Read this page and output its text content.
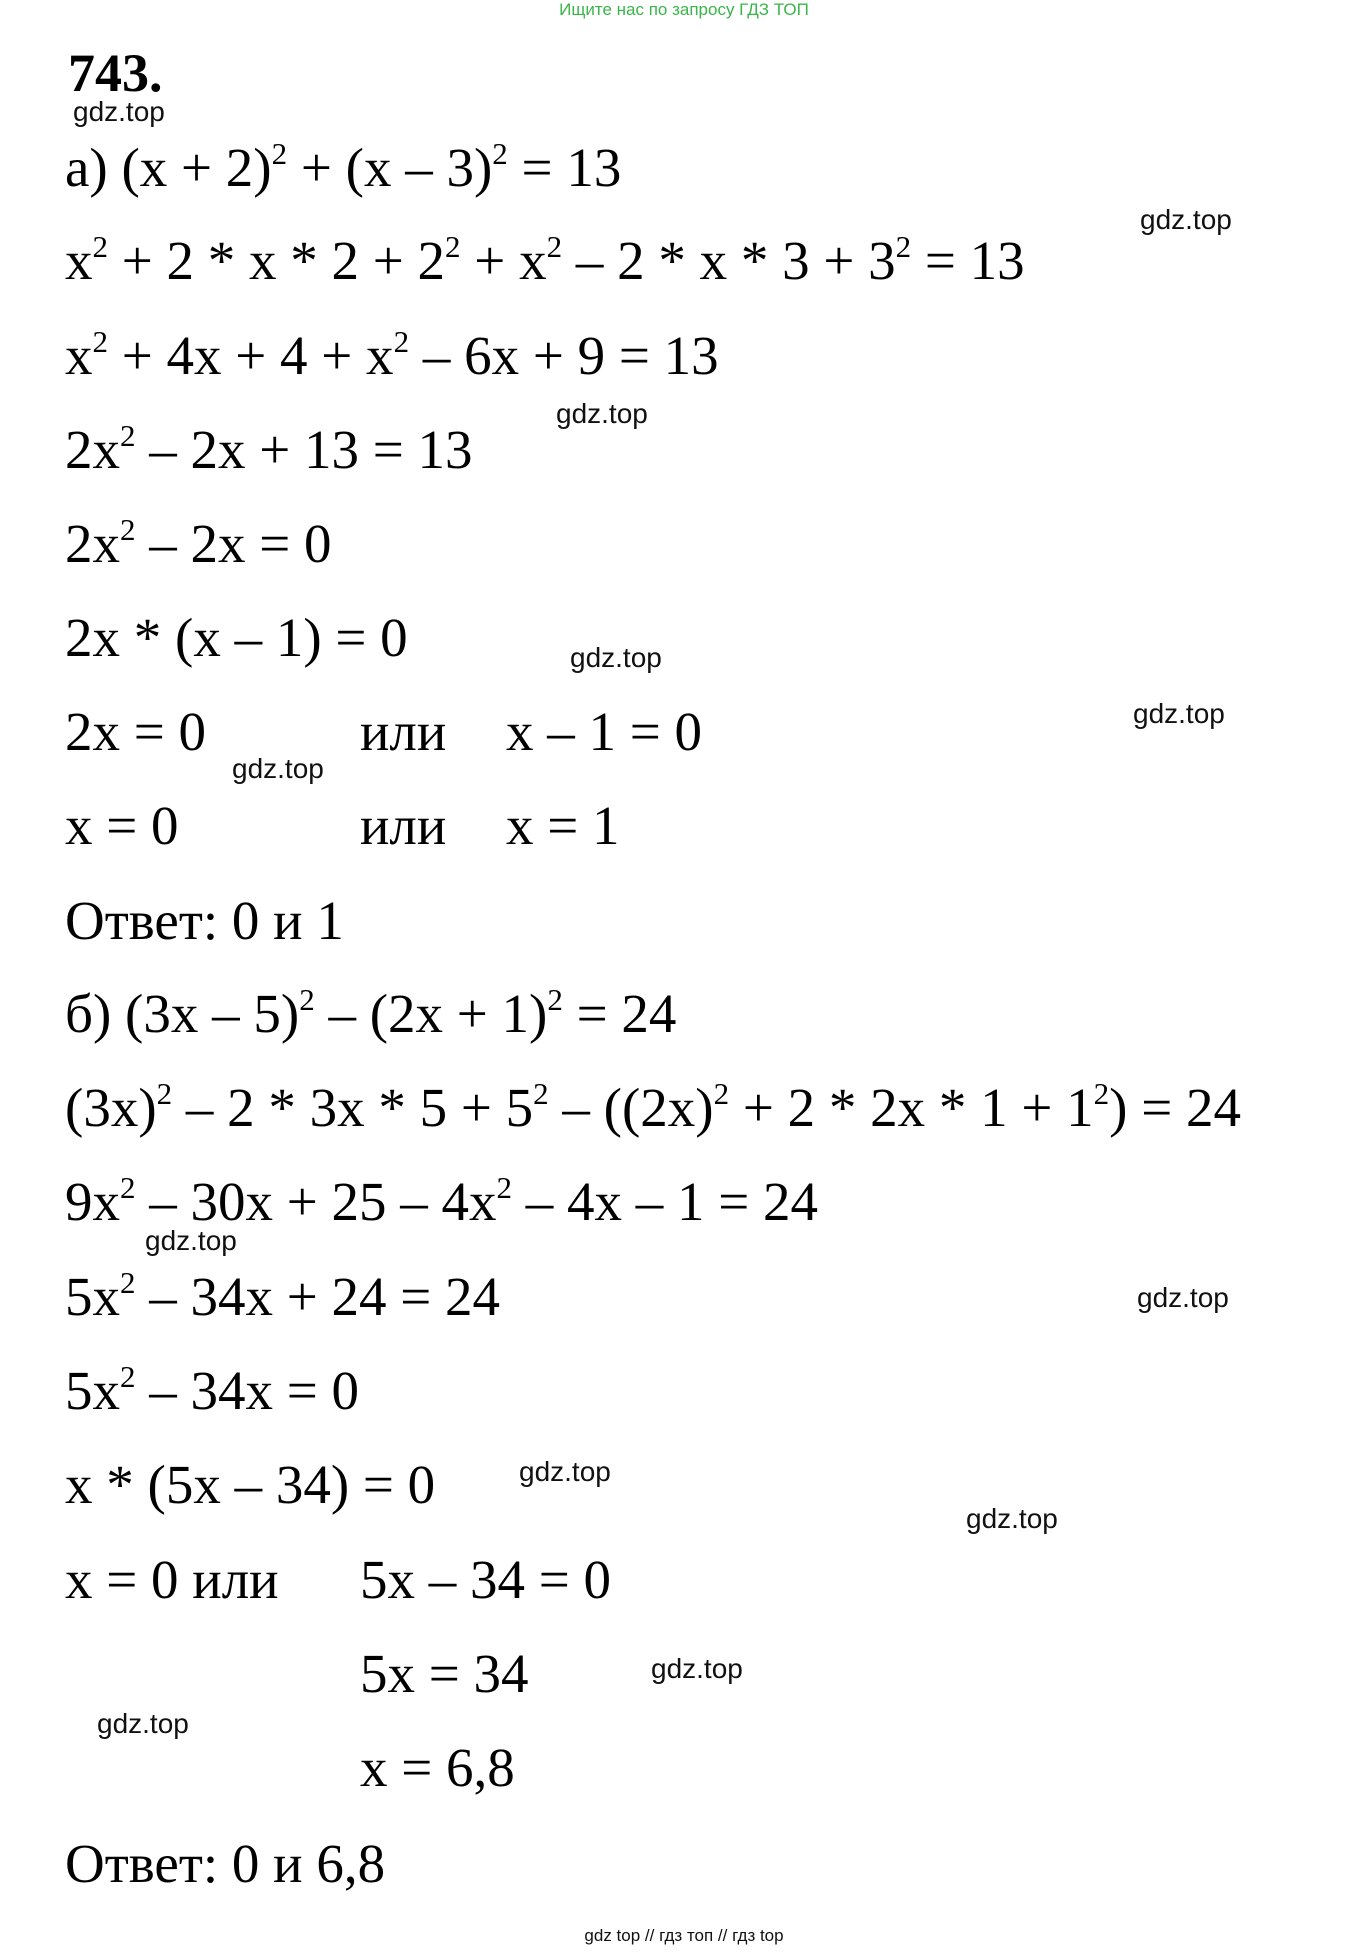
Ищите нас по запросу ГДЗ ТОП
743.
gdz.top
gdz.top
gdz.top
gdz.top
gdz.top
gdz.top
gdz.top
gdz.top
gdz.top
gdz.top
gdz.top
gdz.top
а) $(x + 2)^2 + (x - 3)^2 = 13$
$x^2 + 2 * x * 2 + 2^2 + x^2 - 2 * x * 3 + 3^2 = 13$
$x^2 + 4x + 4 + x^2 - 6x + 9 = 13$
$2x^2 - 2x + 13 = 13$
$2x^2 - 2x = 0$
2x * (x – 1) = 0
2x = 0	или x – 1 = 0
x = 0	или x = 1
Ответ: 0 и 1
б) $(3x - 5)^2 - (2x + 1)^2 = 24$
$(3x)^2 - 2 * 3x * 5 + 5^2 - ((2x)^2 + 2 * 2x * 1 + 1^2) = 24$
$9x^2 - 30x + 25 - 4x^2 - 4x - 1 = 24$
$5x^2 - 34x + 24 = 24$
$5x^2 - 34x = 0$
x * (5x – 34) = 0
x = 0 или 5x – 34 = 0
5x = 34
x = 6,8
Ответ: 0 и 6,8
gdz top // гдз топ // гдз top
